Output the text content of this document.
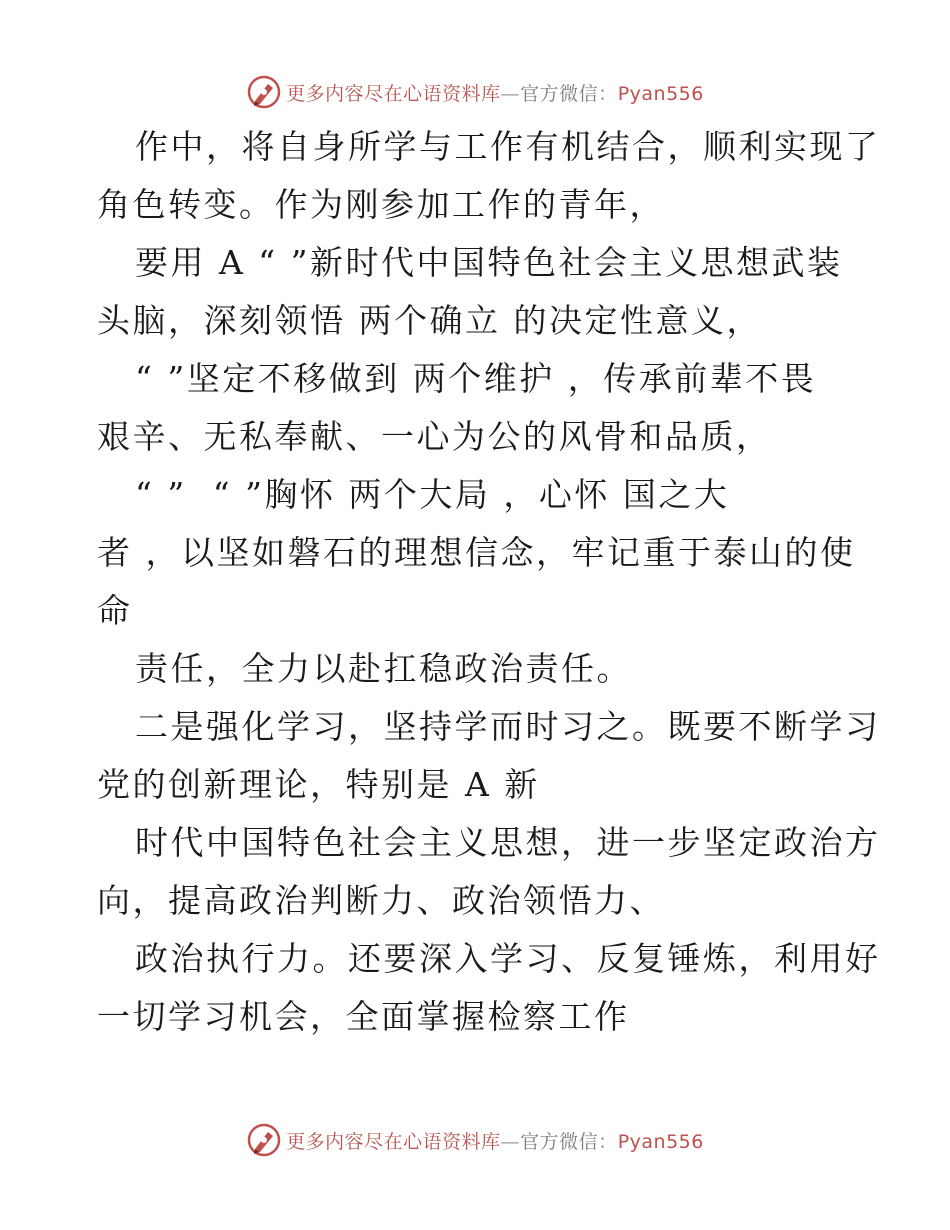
更多内容尽在心语资料库—官方微信：Pyan556
作中，将自身所学与工作有机结合，顺利实现了
角色转变。作为刚参加工作的青年，
要用 A “ ”新时代中国特色社会主义思想武装
头脑，深刻领悟 两个确立 的决定性意义，
“ ”坚定不移做到 两个维护 ，传承前辈不畏
艰辛、无私奉献、一心为公的风骨和品质，
“ ”  “ ”胸怀 两个大局 ，心怀 国之大
者 ，以坚如磐石的理想信念，牢记重于泰山的使
命
责任，全力以赴扛稳政治责任。
二是强化学习，坚持学而时习之。既要不断学习
党的创新理论，特别是 A 新
时代中国特色社会主义思想，进一步坚定政治方
向，提高政治判断力、政治领悟力、
政治执行力。还要深入学习、反复锤炼，利用好
一切学习机会，全面掌握检察工作
更多内容尽在心语资料库—官方微信：Pyan556
